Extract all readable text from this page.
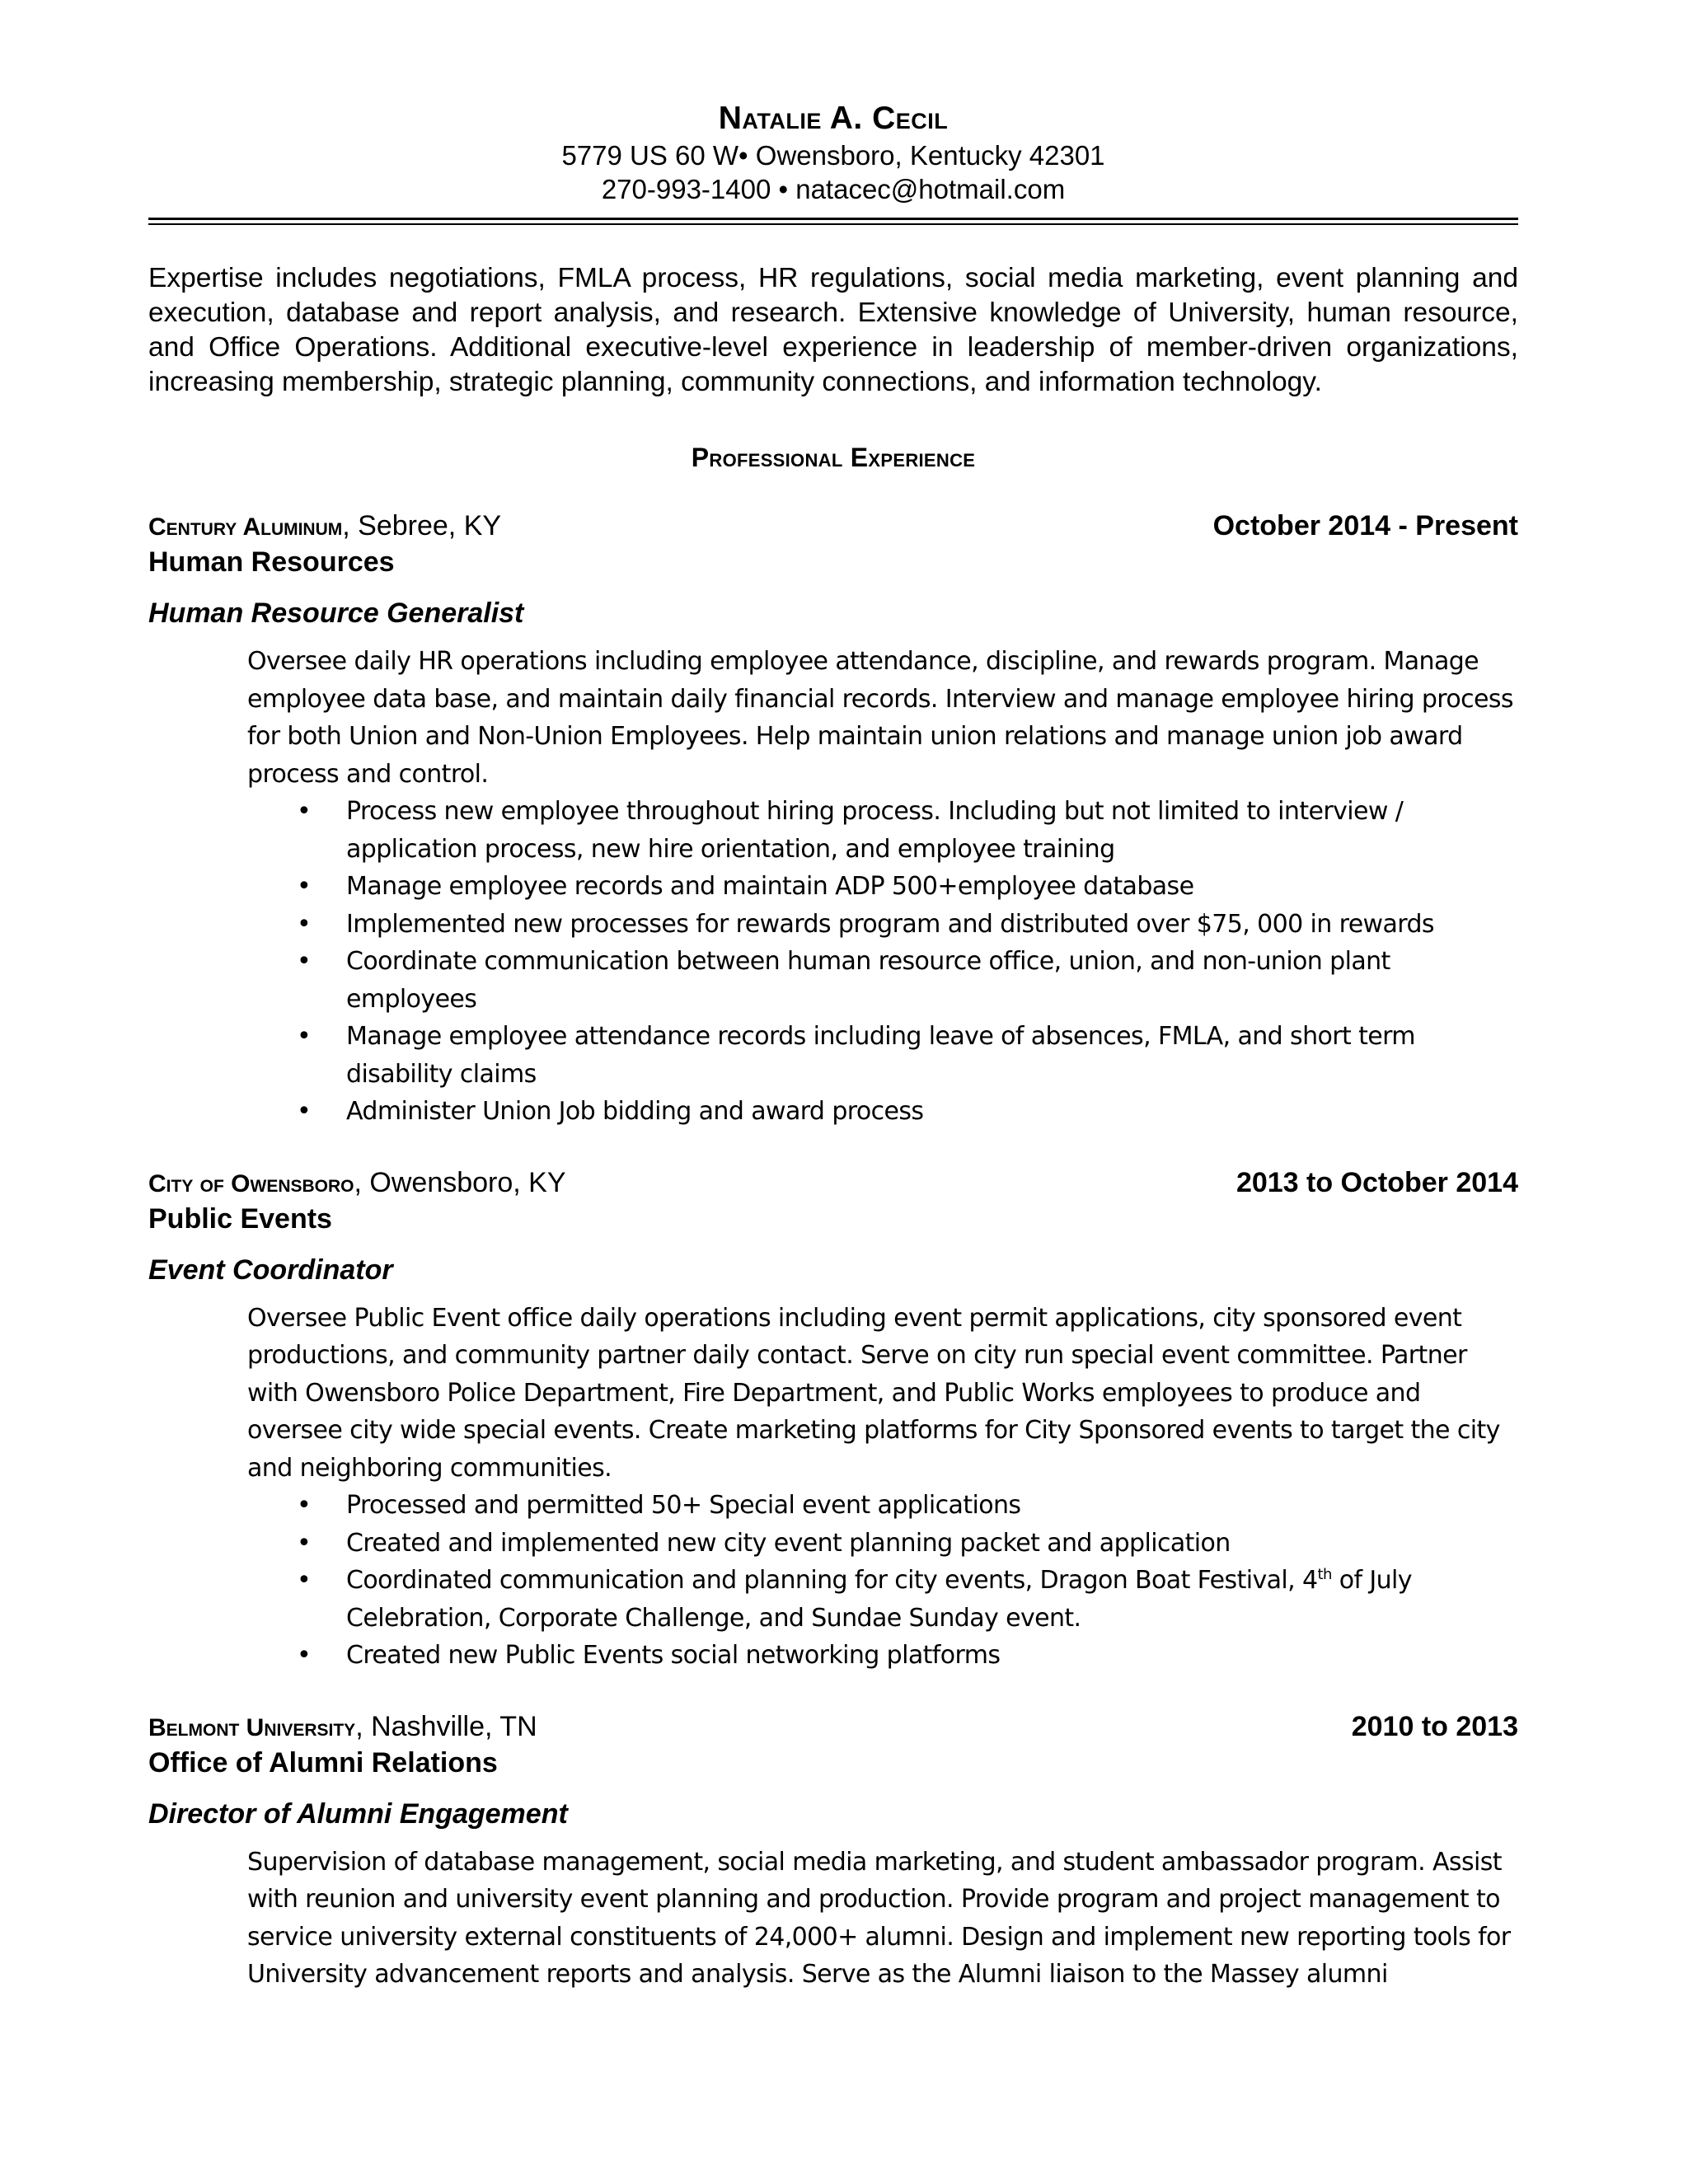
Natalie A. Cecil
5779 US 60 W• Owensboro, Kentucky 42301
270-993-1400 • natacec@hotmail.com
Expertise includes negotiations, FMLA process, HR regulations, social media marketing, event planning and execution, database and report analysis, and research. Extensive knowledge of University, human resource, and Office Operations. Additional executive-level experience in leadership of member-driven organizations, increasing membership, strategic planning, community connections, and information technology.
Professional Experience
Century Aluminum, Sebree, KY	October 2014 - Present
Human Resources
Human Resource Generalist
Oversee daily HR operations including employee attendance, discipline, and rewards program. Manage employee data base, and maintain daily financial records. Interview and manage employee hiring process for both Union and Non-Union Employees. Help maintain union relations and manage union job award process and control.
• Process new employee throughout hiring process. Including but not limited to interview / application process, new hire orientation, and employee training
• Manage employee records and maintain ADP 500+employee database
• Implemented new processes for rewards program and distributed over $75, 000 in rewards
• Coordinate communication between human resource office, union, and non-union plant employees
• Manage employee attendance records including leave of absences, FMLA, and short term disability claims
• Administer Union Job bidding and award process
City of Owensboro, Owensboro, KY	2013 to October 2014
Public Events
Event Coordinator
Oversee Public Event office daily operations including event permit applications, city sponsored event productions, and community partner daily contact. Serve on city run special event committee. Partner with Owensboro Police Department, Fire Department, and Public Works employees to produce and oversee city wide special events. Create marketing platforms for City Sponsored events to target the city and neighboring communities.
• Processed and permitted 50+ Special event applications
• Created and implemented new city event planning packet and application
• Coordinated communication and planning for city events, Dragon Boat Festival, 4th of July Celebration, Corporate Challenge, and Sundae Sunday event.
• Created new Public Events social networking platforms
Belmont University, Nashville, TN	2010 to 2013
Office of Alumni Relations
Director of Alumni Engagement
Supervision of database management, social media marketing, and student ambassador program. Assist with reunion and university event planning and production. Provide program and project management to service university external constituents of 24,000+ alumni. Design and implement new reporting tools for University advancement reports and analysis. Serve as the Alumni liaison to the Massey alumni
